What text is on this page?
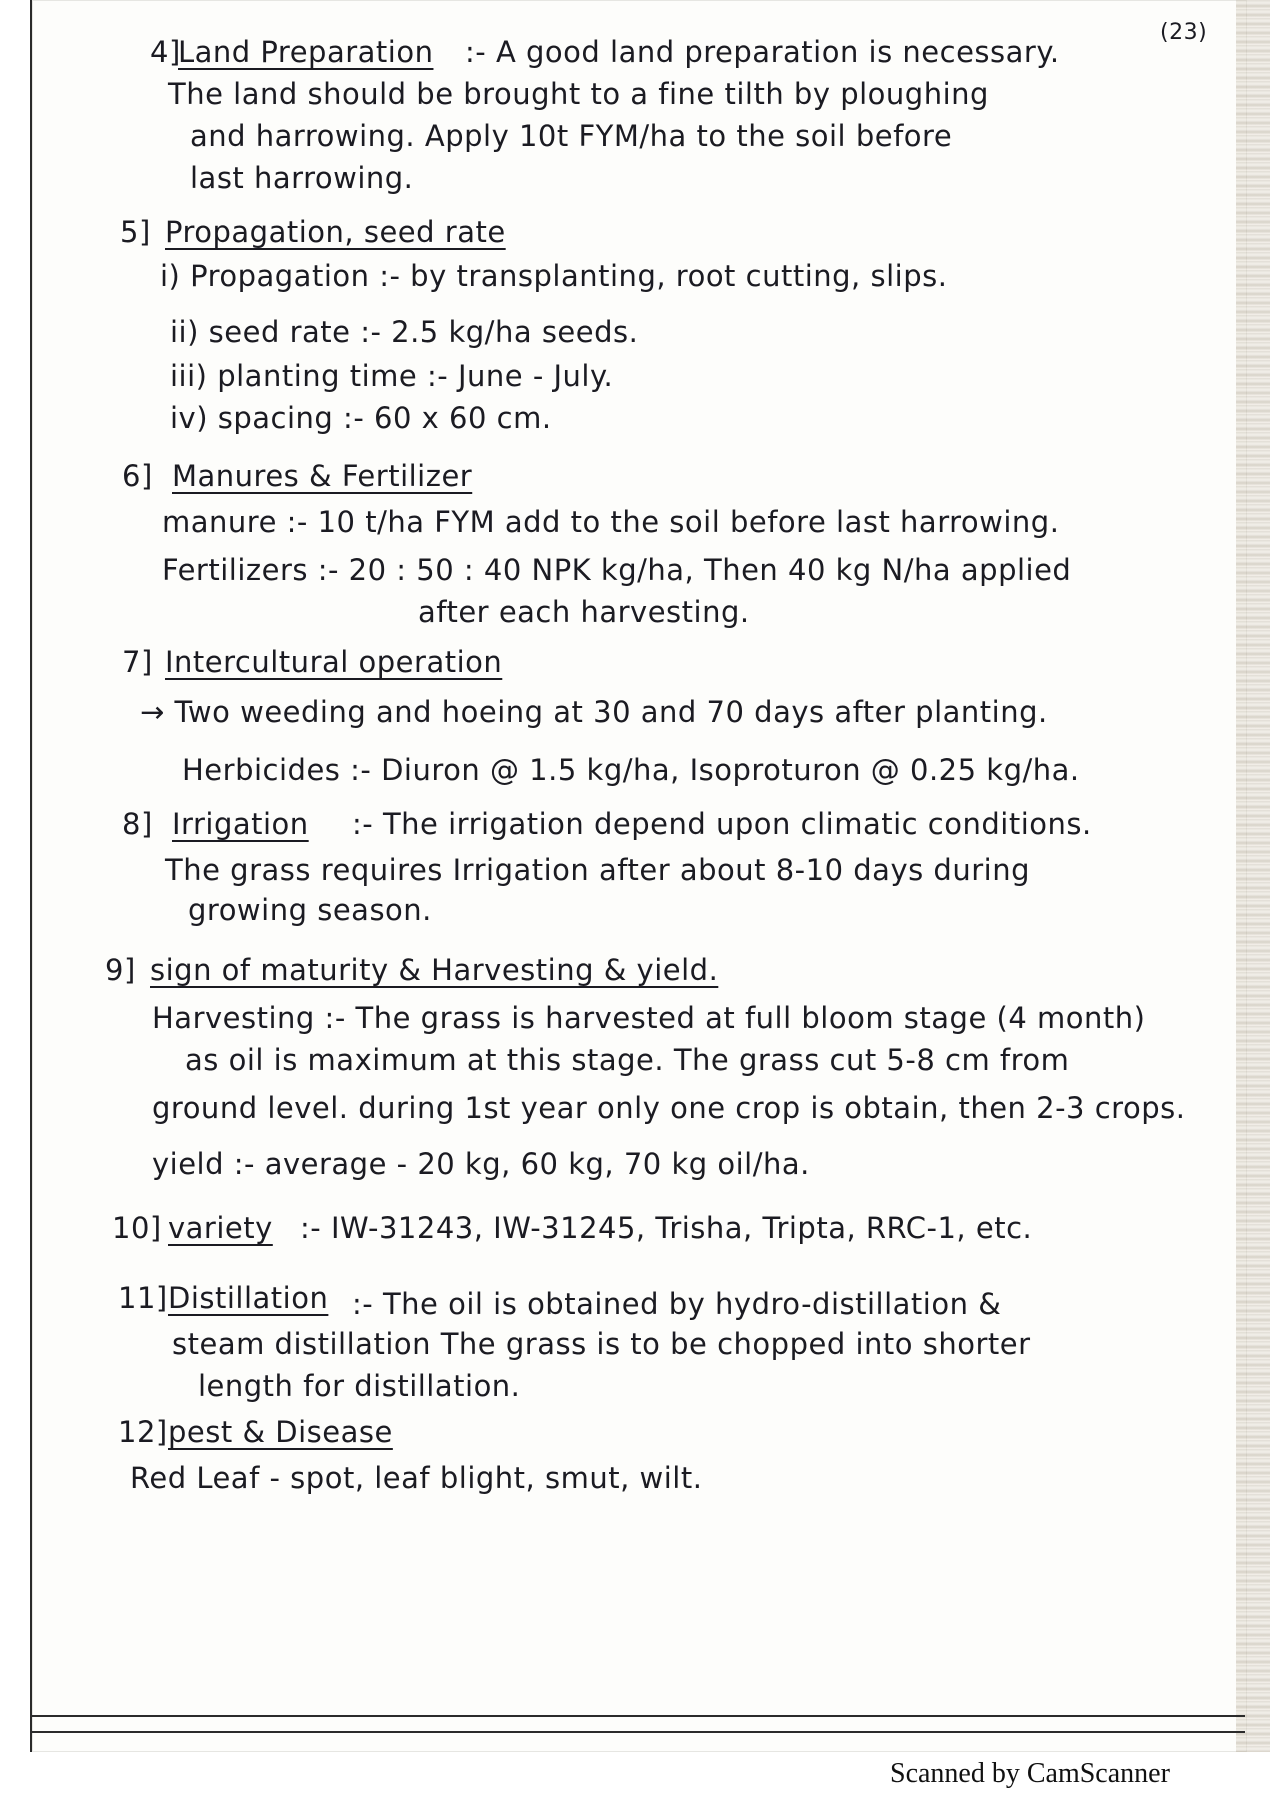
(23)
4]
Land Preparation :- A good land preparation is necessary.
The land should be brought to a fine tilth by ploughing
and harrowing. Apply 10t FYM/ha to the soil before
last harrowing.
5] Propagation, seed rate
i) Propagation :- by transplanting, root cutting, slips.
ii) seed rate :- 2.5 kg/ha seeds.
iii) planting time :- June - July.
iv) spacing :- 60 x 60 cm.
6] Manures & Fertilizer
manure :- 10 t/ha FYM add to the soil before last harrowing.
Fertilizers :- 20 : 50 : 40 NPK kg/ha, Then 40 kg N/ha applied
after each harvesting.
7] Intercultural operation
→ Two weeding and hoeing at 30 and 70 days after planting.
Herbicides :- Diuron @ 1.5 kg/ha, Isoproturon @ 0.25 kg/ha.
8] Irrigation :- The irrigation depend upon climatic conditions.
The grass requires Irrigation after about 8-10 days during
growing season.
9] sign of maturity & Harvesting & yield.
Harvesting :- The grass is harvested at full bloom stage (4 month)
as oil is maximum at this stage. The grass cut 5-8 cm from
ground level. during 1st year only one crop is obtain, then 2-3 crops.
yield :- average - 20 kg, 60 kg, 70 kg oil/ha.
10] variety :- IW-31243, IW-31245, Trisha, Tripta, RRC-1, etc.
11] Distillation :- The oil is obtained by hydro-distillation &
steam distillation The grass is to be chopped into shorter
length for distillation.
12] pest & Disease
Red Leaf - spot, leaf blight, smut, wilt.
Scanned by CamScanner
